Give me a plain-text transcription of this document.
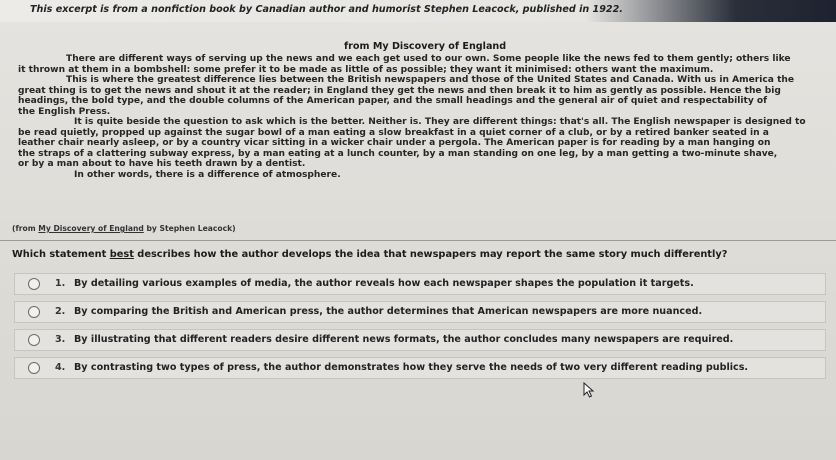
This excerpt is from a nonfiction book by Canadian author and humorist Stephen Leacock, published in 1922.
from My Discovery of England

There are different ways of serving up the news and we each get used to our own. Some people like the news fed to them gently; others like

it thrown at them in a bombshell: some prefer it to be made as little of as possible; they want it minimised: others want the maximum.

This is where the greatest difference lies between the British newspapers and those of the United States and Canada. With us in America the

great thing is to get the news and shout it at the reader; in England they get the news and then break it to him as gently as possible. Hence the big

headings, the bold type, and the double columns of the American paper, and the small headings and the general air of quiet and respectability of

the English Press.

It is quite beside the question to ask which is the better. Neither is. They are different things: that's all. The English newspaper is designed to

be read quietly, propped up against the sugar bowl of a man eating a slow breakfast in a quiet corner of a club, or by a retired banker seated in a

leather chair nearly asleep, or by a country vicar sitting in a wicker chair under a pergola. The American paper is for reading by a man hanging on

the straps of a clattering subway express, by a man eating at a lunch counter, by a man standing on one leg, by a man getting a two-minute shave,

or by a man about to have his teeth drawn by a dentist.

In other words, there is a difference of atmosphere.

(from My Discovery of England by Stephen Leacock)
Which statement best describes how the author develops the idea that newspapers may report the same story much differently?
1. By detailing various examples of media, the author reveals how each newspaper shapes the population it targets.
2. By comparing the British and American press, the author determines that American newspapers are more nuanced.
3. By illustrating that different readers desire different news formats, the author concludes many newspapers are required.
4. By contrasting two types of press, the author demonstrates how they serve the needs of two very different reading publics.
